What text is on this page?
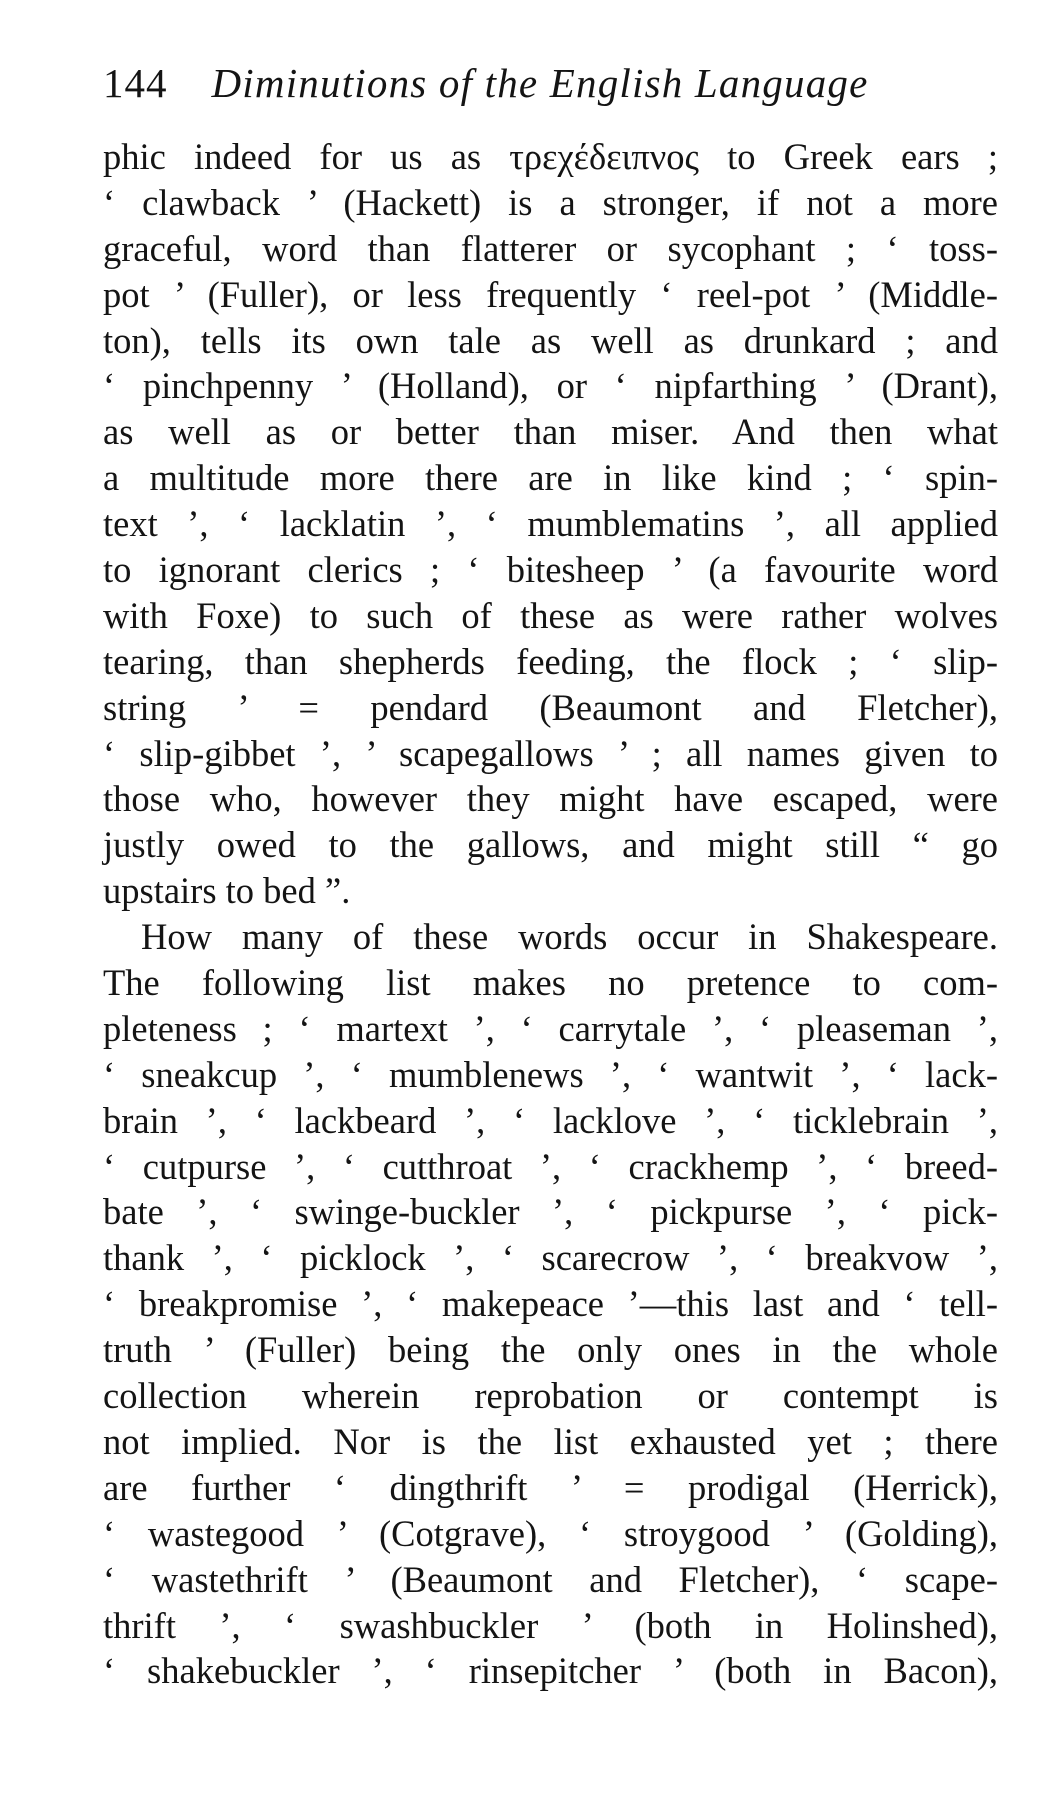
144 Diminutions of the English Language
phic indeed for us as τρεχέδειπνος to Greek ears ;
‘ clawback ’ (Hackett) is a stronger, if not a more
graceful, word than flatterer or sycophant ; ‘ toss-
pot ’ (Fuller), or less frequently ‘ reel-pot ’ (Middle-
ton), tells its own tale as well as drunkard ; and
‘ pinchpenny ’ (Holland), or ‘ nipfarthing ’ (Drant),
as well as or better than miser. And then what
a multitude more there are in like kind ; ‘ spin-
text ’, ‘ lacklatin ’, ‘ mumblematins ’, all applied
to ignorant clerics ; ‘ bitesheep ’ (a favourite word
with Foxe) to such of these as were rather wolves
tearing, than shepherds feeding, the flock ; ‘ slip-
string ’ = pendard (Beaumont and Fletcher),
‘ slip-gibbet ’, ’ scapegallows ’ ; all names given to
those who, however they might have escaped, were
justly owed to the gallows, and might still “ go
upstairs to bed ”.
How many of these words occur in Shakespeare.
The following list makes no pretence to com-
pleteness ; ‘ martext ’, ‘ carrytale ’, ‘ pleaseman ’,
‘ sneakcup ’, ‘ mumblenews ’, ‘ wantwit ’, ‘ lack-
brain ’, ‘ lackbeard ’, ‘ lacklove ’, ‘ ticklebrain ’,
‘ cutpurse ’, ‘ cutthroat ’, ‘ crackhemp ’, ‘ breed-
bate ’, ‘ swinge-buckler ’, ‘ pickpurse ’, ‘ pick-
thank ’, ‘ picklock ’, ‘ scarecrow ’, ‘ breakvow ’,
‘ breakpromise ’, ‘ makepeace ’—this last and ‘ tell-
truth ’ (Fuller) being the only ones in the whole
collection wherein reprobation or contempt is
not implied. Nor is the list exhausted yet ; there
are further ‘ dingthrift ’ = prodigal (Herrick),
‘ wastegood ’ (Cotgrave), ‘ stroygood ’ (Golding),
‘ wastethrift ’ (Beaumont and Fletcher), ‘ scape-
thrift ’, ‘ swashbuckler ’ (both in Holinshed),
‘ shakebuckler ’, ‘ rinsepitcher ’ (both in Bacon),
